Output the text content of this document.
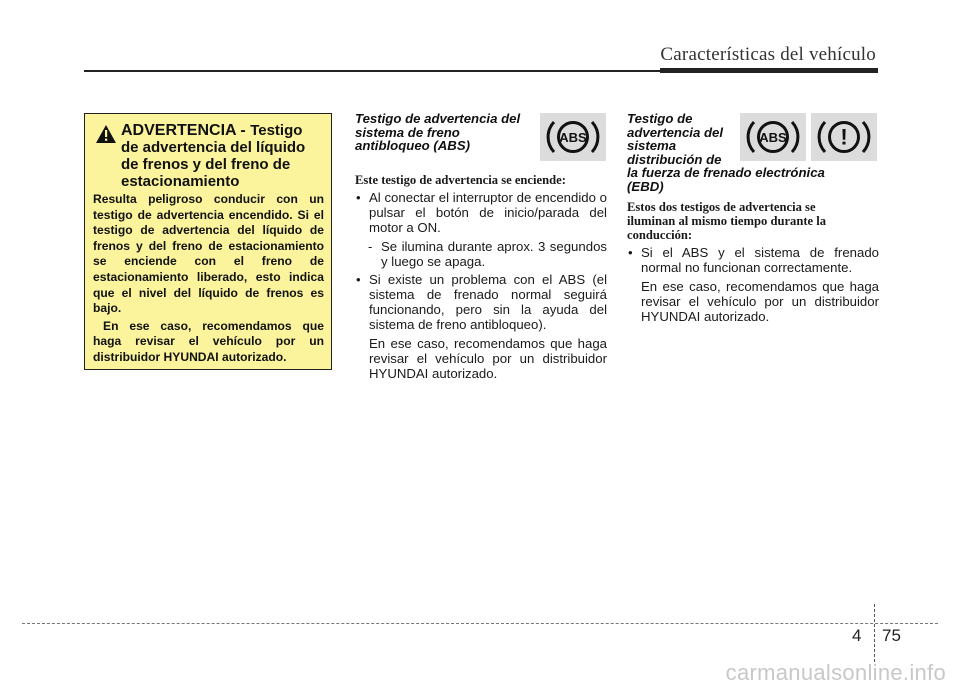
Características del vehículo
ADVERTENCIA - Testigo de advertencia del líquido de frenos y del freno de estacionamiento

Resulta peligroso conducir con un testigo de advertencia encendido. Si el testigo de advertencia del líquido de frenos y del freno de estacionamiento se enciende con el freno de estacionamiento liberado, esto indica que el nivel del líquido de frenos es bajo.

En ese caso, recomendamos que haga revisar el vehículo por un distribuidor HYUNDAI autorizado.

Testigo de advertencia del sistema de freno antibloqueo (ABS)
Este testigo de advertencia se enciende:
• Al conectar el interruptor de encendido o pulsar el botón de inicio/parada del motor a ON.
- Se ilumina durante aprox. 3 segundos y luego se apaga.
• Si existe un problema con el ABS (el sistema de frenado normal seguirá funcionando, pero sin la ayuda del sistema de freno antibloqueo).
En ese caso, recomendamos que haga revisar el vehículo por un distribuidor HYUNDAI autorizado.
ABS
Testigo de
advertencia del
sistema
distribución de
la fuerza de frenado electrónica
(EBD)
Estos dos testigos de advertencia se iluminan al mismo tiempo durante la conducción:
• Si el ABS y el sistema de frenado normal no funcionan correctamente.
En ese caso, recomendamos que haga revisar el vehículo por un distribuidor HYUNDAI autorizado.
ABS !
4 75
carmanualsonline.info
